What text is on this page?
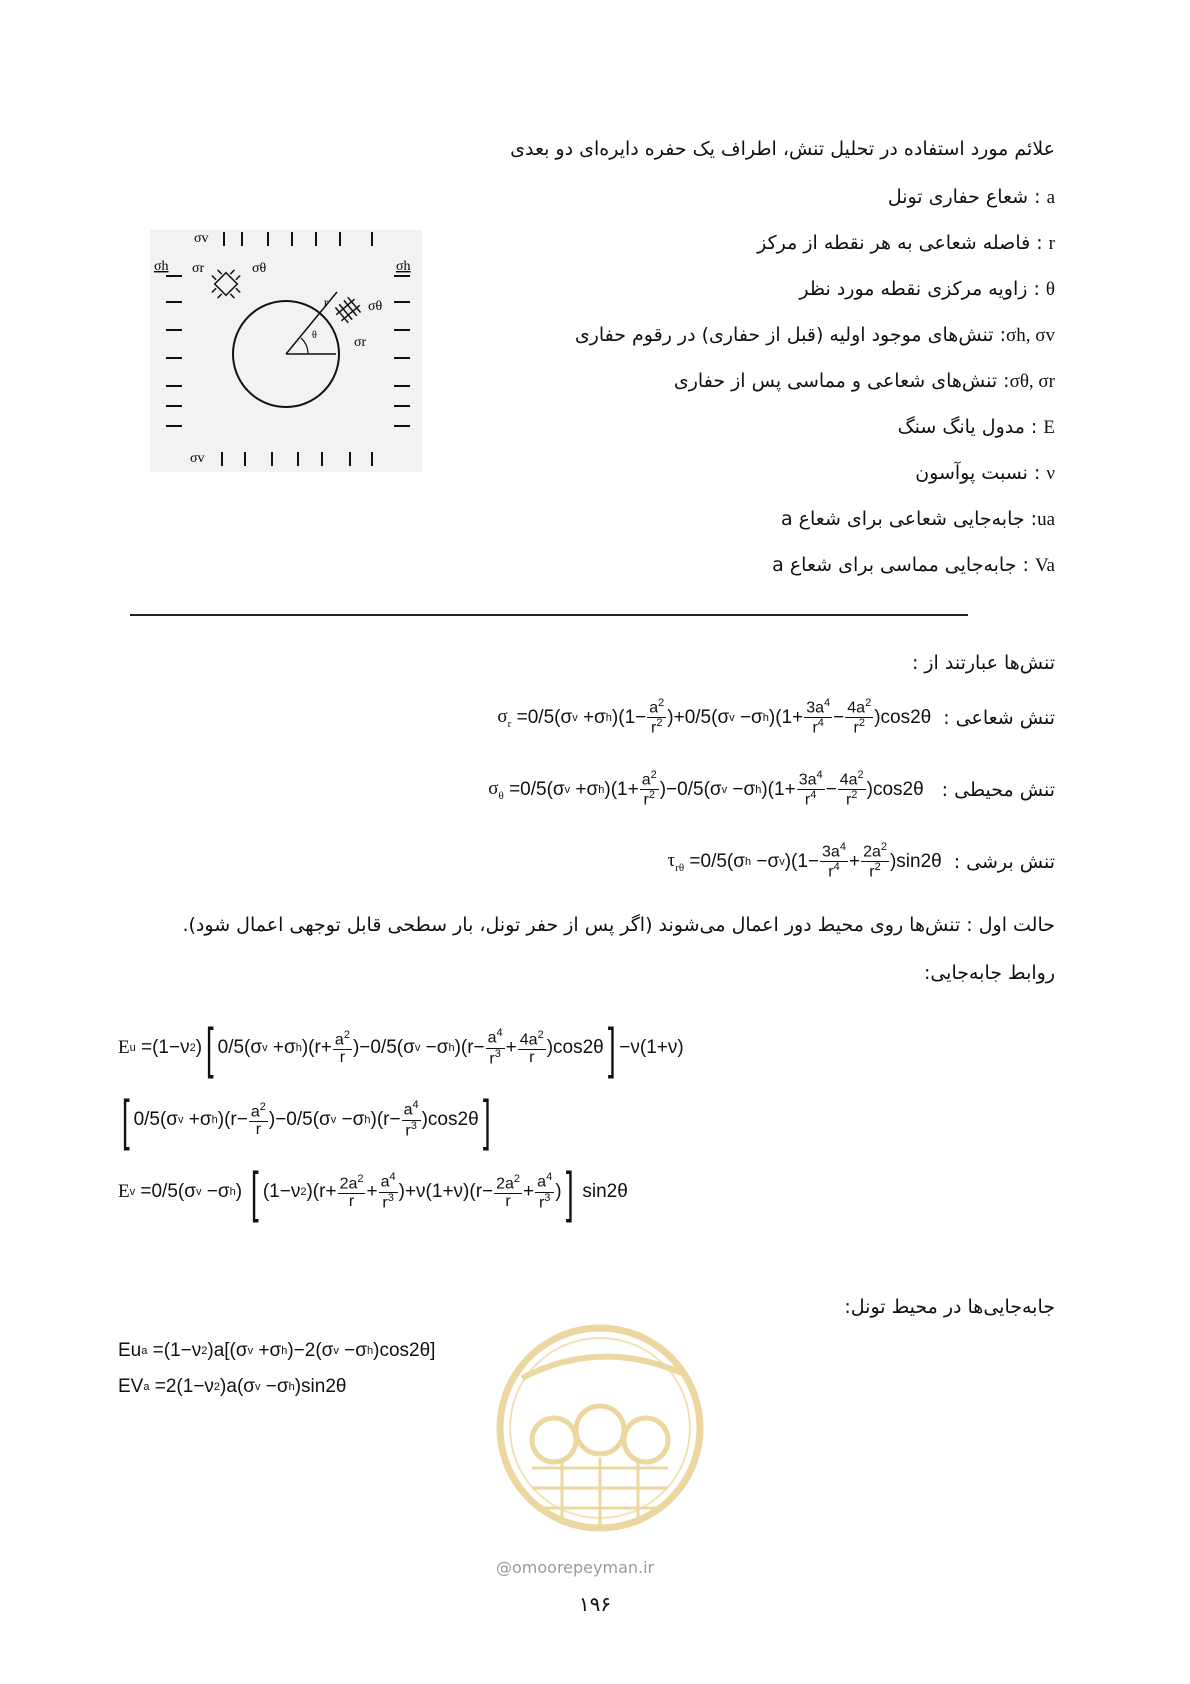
علائم مورد استفاده در تحلیل تنش، اطراف یک حفره دایره‌ای دو بعدی
a : شعاع حفاری تونل
r : فاصله شعاعی به هر نقطه از مرکز
θ : زاویه مرکزی نقطه مورد نظر
σh, σv: تنش‌های موجود اولیه (قبل از حفاری) در رقوم حفاری
σθ, σr: تنش‌های شعاعی و مماسی پس از حفاری
E : مدول یانگ سنگ
ν : نسبت پوآسون
ua: جابه‌جایی شعاعی برای شعاع a
Va : جابه‌جایی مماسی برای شعاع a
σv
σh σr	σθ	σh
r
θ
σθ
σr
σv
تنش‌ها عبارتند از :
تنش شعاعی :
$\sigma_r =0/5(\sigma$ v +σ h )$(1- \frac{a^2}{r^2} )+0/5(\sigma$ v −σ h )$(1+ \frac{3a^4}{r^4} - \frac{4a^2}{r^2} )\cos 2\theta$
تنش محیطی :
$\sigma_\theta =0/5(\sigma$ v +σ h )$(1+ \frac{a^2}{r^2} )-0/5(\sigma$ v −σ h )$(1+ \frac{3a^4}{r^4} - \frac{4a^2}{r^2} )\cos 2\theta$
تنش برشی :
$\tau_{r\theta} =0/5(\sigma$ h −σ v )$(1- \frac{3a^4}{r^4} + \frac{2a^2}{r^2} )\sin 2\theta$
حالت اول : تنش‌ها روی محیط دور اعمال می‌شوند (اگر پس از حفر تونل، بار سطحی قابل توجهی اعمال شود).
روابط جابه‌جایی:
E u =(1−ν 2 ) [ 0/5(σ v +σ h )$(r+ \frac{a^2}{r} )-0/5(\sigma$ v −σ h )$(r- \frac{a^4}{r^3} + \frac{4a^2}{r} )\cos 2\theta$ ] −ν(1+ν)
[ 0/5(σ v +σ h )$(r- \frac{a^2}{r} )-0/5(\sigma$ v −σ h )$(r- \frac{a^4}{r^3} )\cos 2\theta$ ]
E v =0/5(σ v −σ h ) [ (1−ν 2 )$(r+ \frac{2a^2}{r} + \frac{a^4}{r^3} )+\nu(1+\nu)(r- \frac{2a^2}{r} + \frac{a^4}{r^3}$ ) ] sin2θ
جابه‌جایی‌ها در محیط تونل:
Eu a =(1−ν 2 )a[(σ v +σ h )−2(σ v −σ h )cos2θ]
EV a =2(1−ν 2 )a(σ v −σ h )sin2θ
@omoorepeyman.ir
۱۹۶
